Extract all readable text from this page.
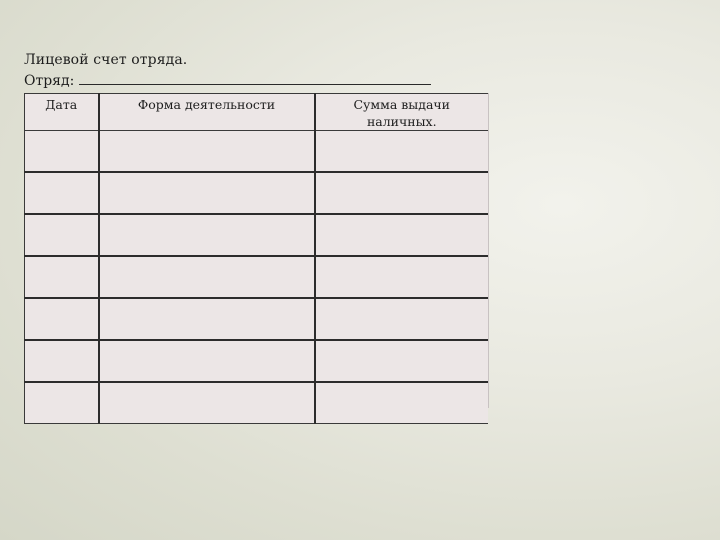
Лицевой счет отряда.
Отряд:
Дата	Форма деятельности	Сумма выдачи наличных.
